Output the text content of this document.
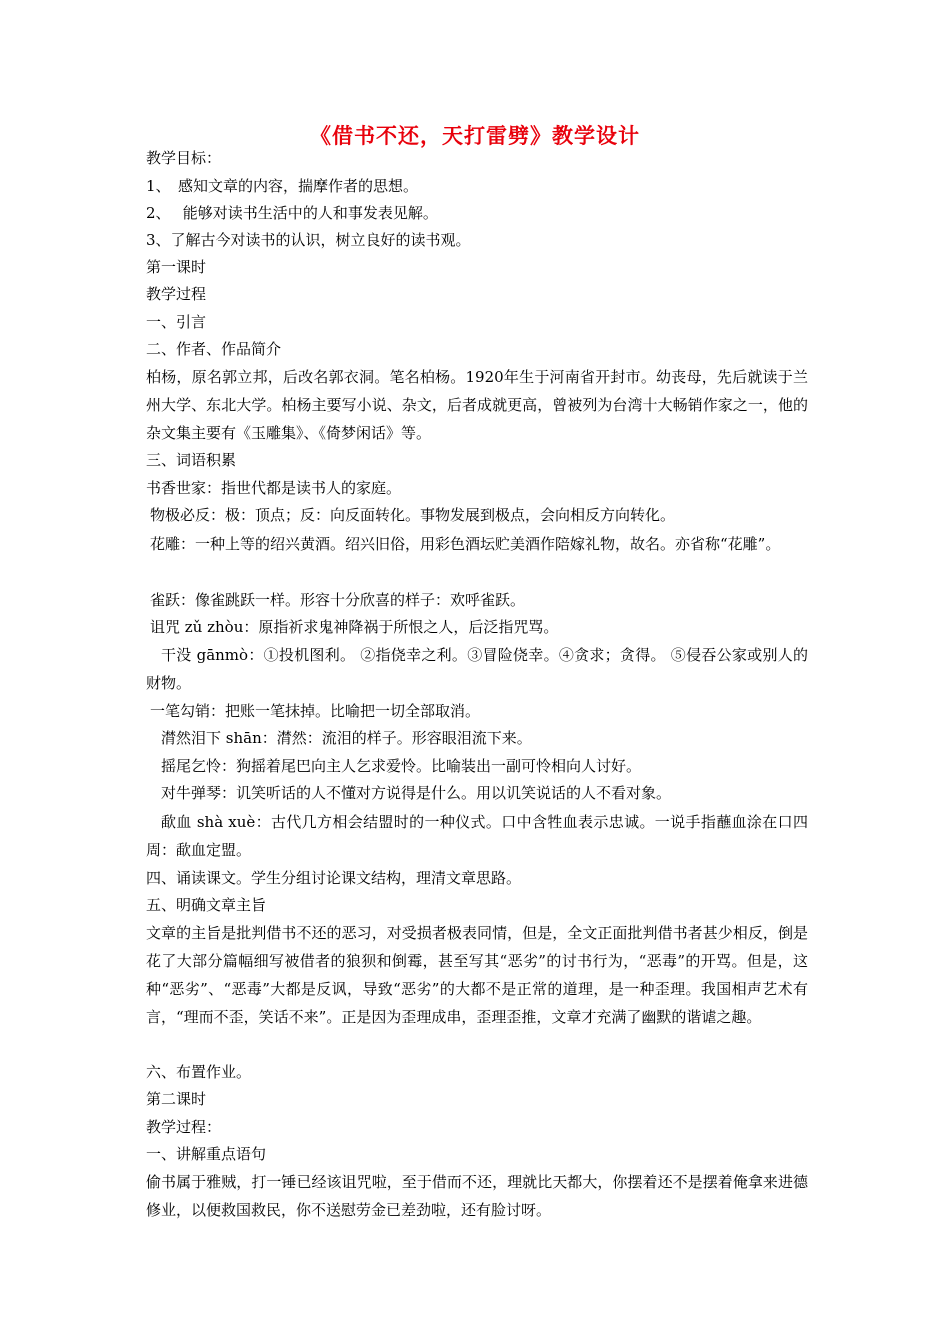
《借书不还，天打雷劈》教学设计
教学目标：
1、　感知文章的内容，揣摩作者的思想。
2、　 能够对读书生活中的人和事发表见解。
3、了解古今对读书的认识，树立良好的读书观。
第一课时
教学过程
一、引言
二、作者、作品简介
柏杨，原名郭立邦，后改名郭衣洞。笔名柏杨。1920年生于河南省开封市。幼丧母，先后就读于兰州大学、东北大学。柏杨主要写小说、杂文，后者成就更高，曾被列为台湾十大畅销作家之一，他的杂文集主要有《玉雕集》、《倚梦闲话》等。
三、词语积累
书香世家：指世代都是读书人的家庭。
物极必反：极：顶点；反：向反面转化。事物发展到极点，会向相反方向转化。
花雕：一种上等的绍兴黄酒。绍兴旧俗，用彩色酒坛贮美酒作陪嫁礼物，故名。亦省称“花雕”。
雀跃：像雀跳跃一样。形容十分欣喜的样子：欢呼雀跃。
诅咒 zǔ zhòu：原指祈求鬼神降祸于所恨之人，后泛指咒骂。
干没 gānmò：①投机图利。 ②指侥幸之利。③冒险侥幸。④贪求；贪得。 ⑤侵吞公家或别人的财物。
一笔勾销：把账一笔抹掉。比喻把一切全部取消。
潸然泪下 shān：潸然：流泪的样子。形容眼泪流下来。
摇尾乞怜：狗摇着尾巴向主人乞求爱怜。比喻装出一副可怜相向人讨好。
对牛弹琴：讥笑听话的人不懂对方说得是什么。用以讥笑说话的人不看对象。
歃血 shà xuè：古代几方相会结盟时的一种仪式。口中含牲血表示忠诚。一说手指蘸血涂在口四周：歃血定盟。
四、诵读课文。学生分组讨论课文结构，理清文章思路。
五、明确文章主旨
文章的主旨是批判借书不还的恶习，对受损者极表同情，但是，全文正面批判借书者甚少相反，倒是花了大部分篇幅细写被借者的狼狈和倒霉，甚至写其“恶劣”的讨书行为，“恶毒”的开骂。但是，这种“恶劣”、“恶毒”大都是反讽，导致“恶劣”的大都不是正常的道理，是一种歪理。我国相声艺术有言，“理而不歪，笑话不来”。正是因为歪理成串，歪理歪推，文章才充满了幽默的谐谑之趣。
六、布置作业。
第二课时
教学过程：
一、讲解重点语句
偷书属于雅贼，打一锤已经该诅咒啦，至于借而不还，理就比天都大，你摆着还不是摆着俺拿来进德修业，以便救国救民，你不送慰劳金已差劲啦，还有脸讨呀。
